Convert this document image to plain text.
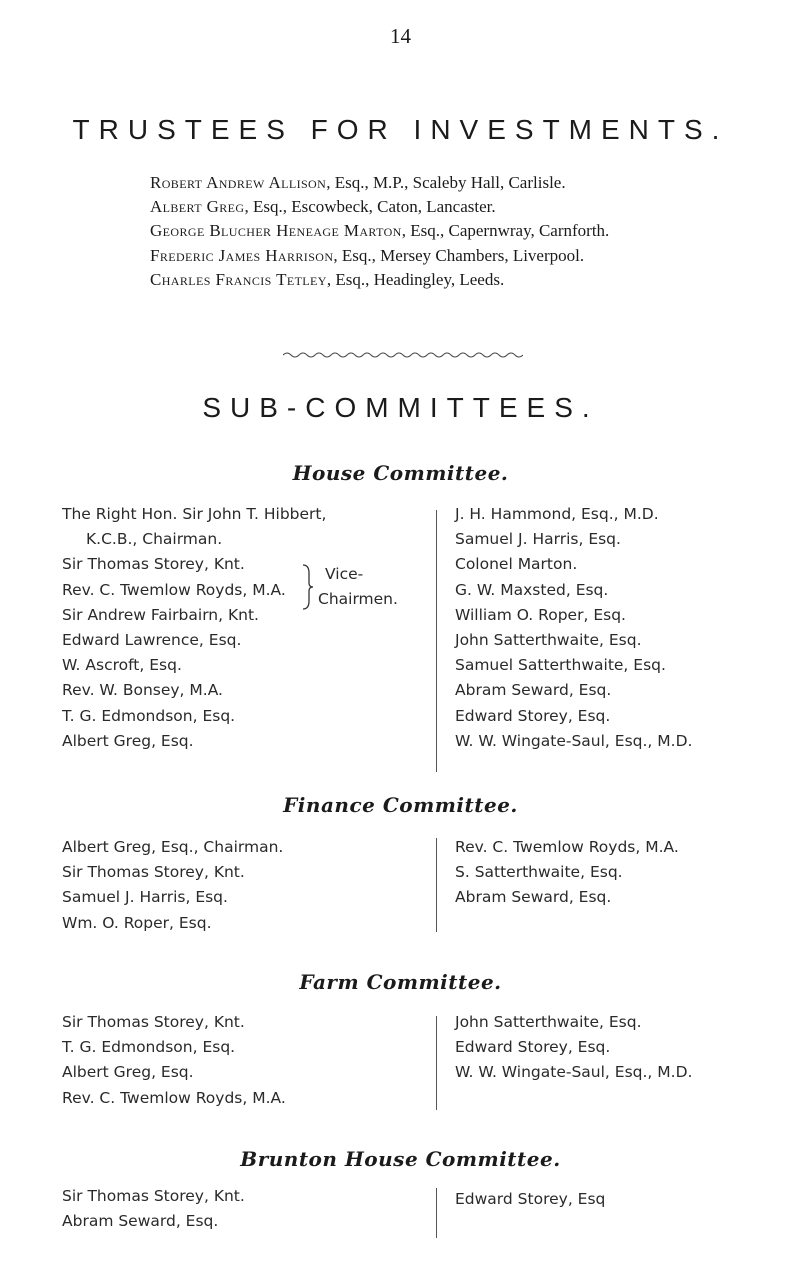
14
TRUSTEES FOR INVESTMENTS.
Robert Andrew Allison, Esq., M.P., Scaleby Hall, Carlisle.
Albert Greg, Esq., Escowbeck, Caton, Lancaster.
George Blucher Heneage Marton, Esq., Capernwray, Carnforth.
Frederic James Harrison, Esq., Mersey Chambers, Liverpool.
Charles Francis Tetley, Esq., Headingley, Leeds.
SUB-COMMITTEES.
House Committee.
The Right Hon. Sir John T. Hibbert,
K.C.B., Chairman.
Sir Thomas Storey, Knt.
Rev. C. Twemlow Royds, M.A.
Sir Andrew Fairbairn, Knt.
Edward Lawrence, Esq.
W. Ascroft, Esq.
Rev. W. Bonsey, M.A.
T. G. Edmondson, Esq.
Albert Greg, Esq.
Vice-
Chairmen.
J. H. Hammond, Esq., M.D.
Samuel J. Harris, Esq.
Colonel Marton.
G. W. Maxsted, Esq.
William O. Roper, Esq.
John Satterthwaite, Esq.
Samuel Satterthwaite, Esq.
Abram Seward, Esq.
Edward Storey, Esq.
W. W. Wingate-Saul, Esq., M.D.
Finance Committee.
Albert Greg, Esq., Chairman.
Sir Thomas Storey, Knt.
Samuel J. Harris, Esq.
Wm. O. Roper, Esq.
Rev. C. Twemlow Royds, M.A.
S. Satterthwaite, Esq.
Abram Seward, Esq.
Farm Committee.
Sir Thomas Storey, Knt.
T. G. Edmondson, Esq.
Albert Greg, Esq.
Rev. C. Twemlow Royds, M.A.
John Satterthwaite, Esq.
Edward Storey, Esq.
W. W. Wingate-Saul, Esq., M.D.
Brunton House Committee.
Sir Thomas Storey, Knt.
Abram Seward, Esq.
Edward Storey, Esq
